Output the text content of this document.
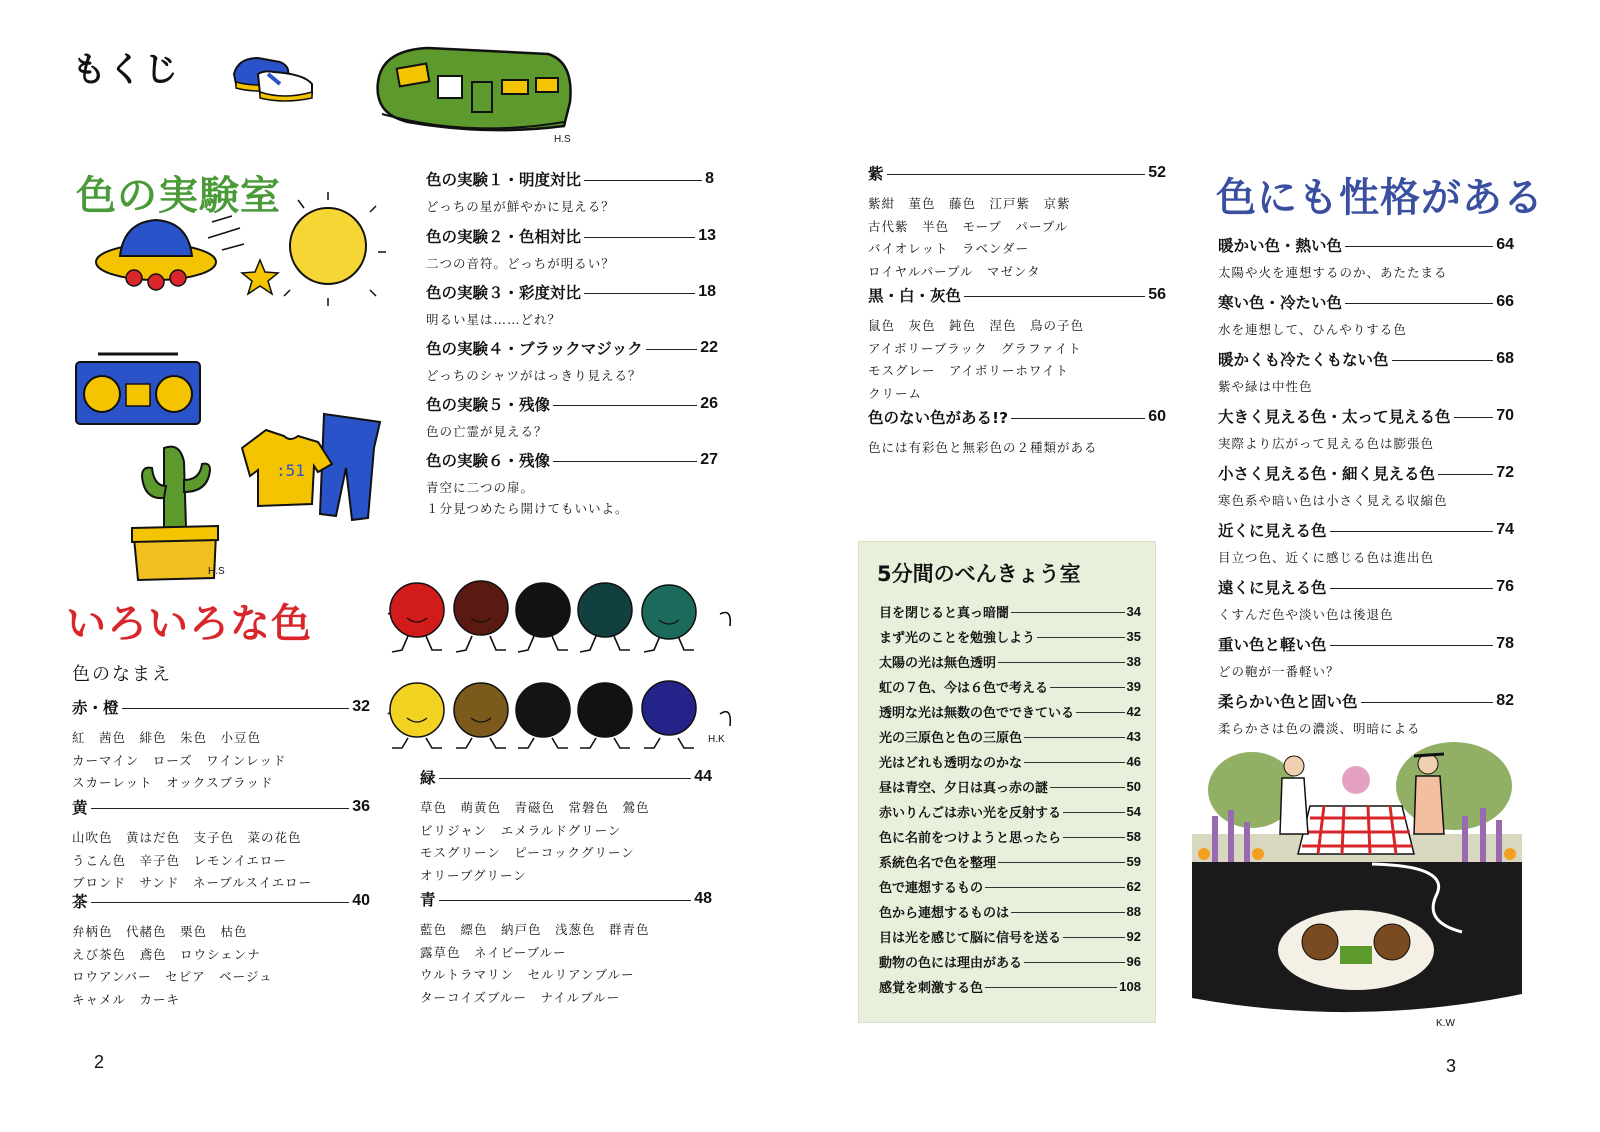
もくじ
H.S
色の実験室
:51
H.S
色の実験１・明度対比	8
どっちの星が鮮やかに見える？
色の実験２・色相対比	13
二つの音符。どっちが明るい？
色の実験３・彩度対比	18
明るい星は……どれ？
色の実験４・ブラックマジック	22
どっちのシャツがはっきり見える？
色の実験５・残像	26
色の亡霊が見える？
色の実験６・残像	27
青空に二つの扉。
１分見つめたら開けてもいいよ。
H.K
いろいろな色
色のなまえ
赤・橙	32
紅　茜色　緋色　朱色　小豆色
カーマイン　ローズ　ワインレッド
スカーレット　オックスブラッド
黄	36
山吹色　黄はだ色　支子色　菜の花色
うこん色　辛子色　レモンイエロー
ブロンド　サンド　ネーブルスイエロー
茶	40
弁柄色　代赭色　栗色　枯色
えび茶色　鳶色　ロウシェンナ
ロウアンバー　セピア　ベージュ
キャメル　カーキ
緑	44
草色　萌黄色　青磁色　常磐色　鶯色
ビリジャン　エメラルドグリーン
モスグリーン　ピーコックグリーン
オリーブグリーン
青	48
藍色　縹色　納戸色　浅葱色　群青色
露草色　ネイビーブルー
ウルトラマリン　セルリアンブルー
ターコイズブルー　ナイルブルー
2
紫	52
紫紺　菫色　藤色　江戸紫　京紫
古代紫　半色　モーブ　パープル
バイオレット　ラベンダー
ロイヤルパープル　マゼンタ
黒・白・灰色	56
鼠色　灰色　鈍色　涅色　鳥の子色
アイボリーブラック　グラファイト
モスグレー　アイボリーホワイト
クリーム
色のない色がある!?	60
色には有彩色と無彩色の２種類がある
5分間のべんきょう室
目を閉じると真っ暗闇	34
まず光のことを勉強しよう	35
太陽の光は無色透明	38
虹の７色、今は６色で考える	39
透明な光は無数の色でできている	42
光の三原色と色の三原色	43
光はどれも透明なのかな	46
昼は青空、夕日は真っ赤の謎	50
赤いりんごは赤い光を反射する	54
色に名前をつけようと思ったら	58
系統色名で色を整理	59
色で連想するもの	62
色から連想するものは	88
目は光を感じて脳に信号を送る	92
動物の色には理由がある	96
感覚を刺激する色	108
色にも性格がある
暖かい色・熱い色	64
太陽や火を連想するのか、あたたまる
寒い色・冷たい色	66
水を連想して、ひんやりする色
暖かくも冷たくもない色	68
紫や緑は中性色
大きく見える色・太って見える色	70
実際より広がって見える色は膨張色
小さく見える色・細く見える色	72
寒色系や暗い色は小さく見える収縮色
近くに見える色	74
目立つ色、近くに感じる色は進出色
遠くに見える色	76
くすんだ色や淡い色は後退色
重い色と軽い色	78
どの鞄が一番軽い？
柔らかい色と固い色	82
柔らかさは色の濃淡、明暗による
K.W
3
